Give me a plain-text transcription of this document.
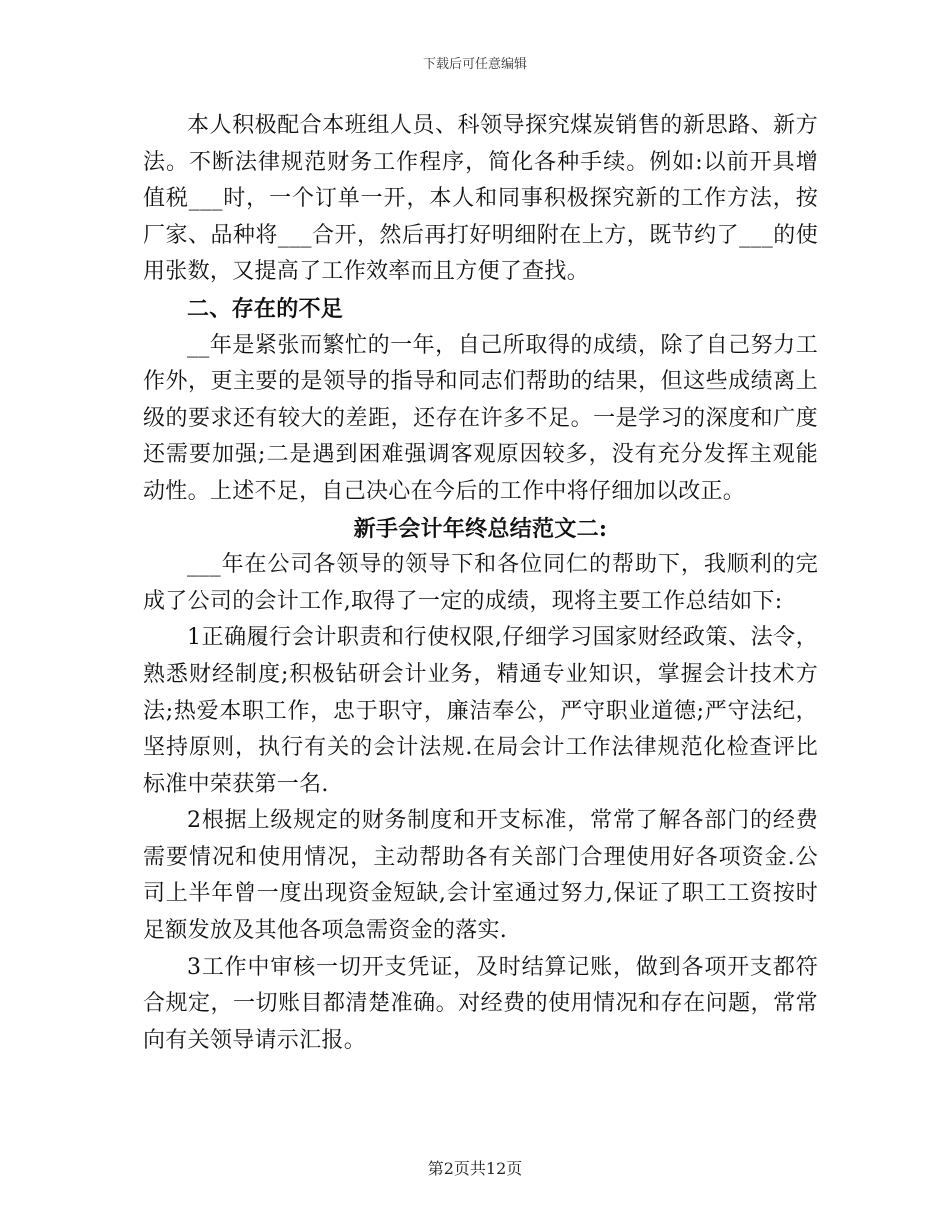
下载后可任意编辑

本人积极配合本班组人员、科领导探究煤炭销售的新思路、新方法。不断法律规范财务工作程序，简化各种手续。例如:以前开具增值税___时，一个订单一开，本人和同事积极探究新的工作方法，按厂家、品种将___合开，然后再打好明细附在上方，既节约了___的使用张数，又提高了工作效率而且方便了查找。

二、存在的不足

__年是紧张而繁忙的一年，自己所取得的成绩，除了自己努力工作外，更主要的是领导的指导和同志们帮助的结果，但这些成绩离上级的要求还有较大的差距，还存在许多不足。一是学习的深度和广度还需要加强;二是遇到困难强调客观原因较多，没有充分发挥主观能动性。上述不足，自己决心在今后的工作中将仔细加以改正。

新手会计年终总结范文二:

___年在公司各领导的领导下和各位同仁的帮助下，我顺利的完成了公司的会计工作,取得了一定的成绩，现将主要工作总结如下:

1正确履行会计职责和行使权限,仔细学习国家财经政策、法令，熟悉财经制度;积极钻研会计业务，精通专业知识，掌握会计技术方法;热爱本职工作，忠于职守，廉洁奉公，严守职业道德;严守法纪，坚持原则，执行有关的会计法规.在局会计工作法律规范化检查评比标准中荣获第一名.

2根据上级规定的财务制度和开支标准，常常了解各部门的经费需要情况和使用情况，主动帮助各有关部门合理使用好各项资金.公司上半年曾一度出现资金短缺,会计室通过努力,保证了职工工资按时足额发放及其他各项急需资金的落实.

3工作中审核一切开支凭证，及时结算记账，做到各项开支都符合规定，一切账目都清楚准确。对经费的使用情况和存在问题，常常向有关领导请示汇报。

第2页共12页
